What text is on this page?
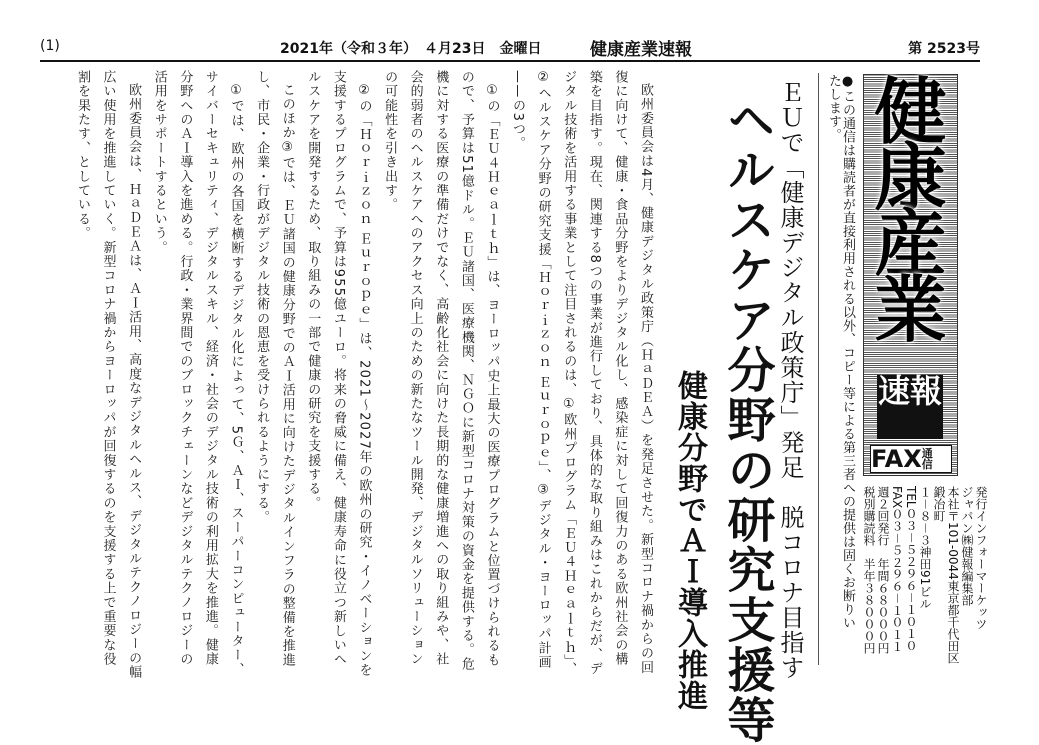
(1)	2021年（令和３年）　４月23日　金曜日	健康産業速報	第 2523号
●この通信は購読者が直接利用される以外、コピー等による第三者への提供は固くお断りいたします。 健
康
産
業
速報
FAX通信
発行インフォーマーケッツ
ジャパン㈱健報編集部
本社〒101-0044東京都千代田区鍛冶町
１－８－３神田91ビル
TEL０３－５２９６－１０１０
FAX０３－５２９６－１０１１
週２回発行　年間６８０００円
税別購読料　半年３８０００円
ＥＵで「健康デジタル政策庁」発足　脱コロナ目指す
ヘルスケア分野の研究支援等
健康分野でＡＩ導入推進

欧州委員会は4月、健康デジタル政策庁（ＨａＤＥＡ）を発足させた。新型コロナ禍からの回復に向けて、健康・食品分野をよりデジタル化し、感染症に対して回復力のある欧州社会の構築を目指す。現在、関連する8つの事業が進行しており、具体的な取り組みはこれからだが、デジタル技術を活用する事業として注目されるのは、①欧州プログラム「ＥＵ４Ｈｅａｌｔｈ」、②ヘルスケア分野の研究支援「Ｈｏｒｉｚｏｎ Ｅｕｒｏｐｅ」、③デジタル・ヨーロッパ計画——の3つ。

①の「ＥＵ４Ｈｅａｌｔｈ」は、ヨーロッパ史上最大の医療プログラムと位置づけられるもので、予算は51億ドル。ＥＵ諸国、医療機関、ＮＧＯに新型コロナ対策の資金を提供する。危機に対する医療の準備だけでなく、高齢化社会に向けた長期的な健康増進への取り組みや、社会的弱者のヘルスケアへのアクセス向上のための新たなツール開発、デジタルソリューションの可能性を引き出す。

②の「Ｈｏｒｉｚｏｎ Ｅｕｒｏｐｅ」は、2021～2027年の欧州の研究・イノベーションを支援するプログラムで、予算は955億ユーロ。将来の脅威に備え、健康寿命に役立つ新しいヘルスケアを開発するため、取り組みの一部で健康の研究を支援する。

このほか③では、ＥＵ諸国の健康分野でのＡＩ活用に向けたデジタルインフラの整備を推進し、市民・企業・行政がデジタル技術の恩恵を受けられるようにする。

①では、欧州の各国を横断するデジタル化によって、5Ｇ、ＡＩ、スーパーコンピューター、サイバーセキュリティ、デジタルスキル、経済・社会のデジタル技術の利用拡大を推進。健康分野へのＡＩ導入を進める。行政・業界間でのブロックチェーンなどデジタルテクノロジーの活用をサポートするという。

欧州委員会は、ＨａＤＥＡは、ＡＩ活用、高度なデジタルヘルス、デジタルテクノロジーの幅広い使用を推進していく。新型コロナ禍からヨーロッパが回復するのを支援する上で重要な役割を果たす、としている。
